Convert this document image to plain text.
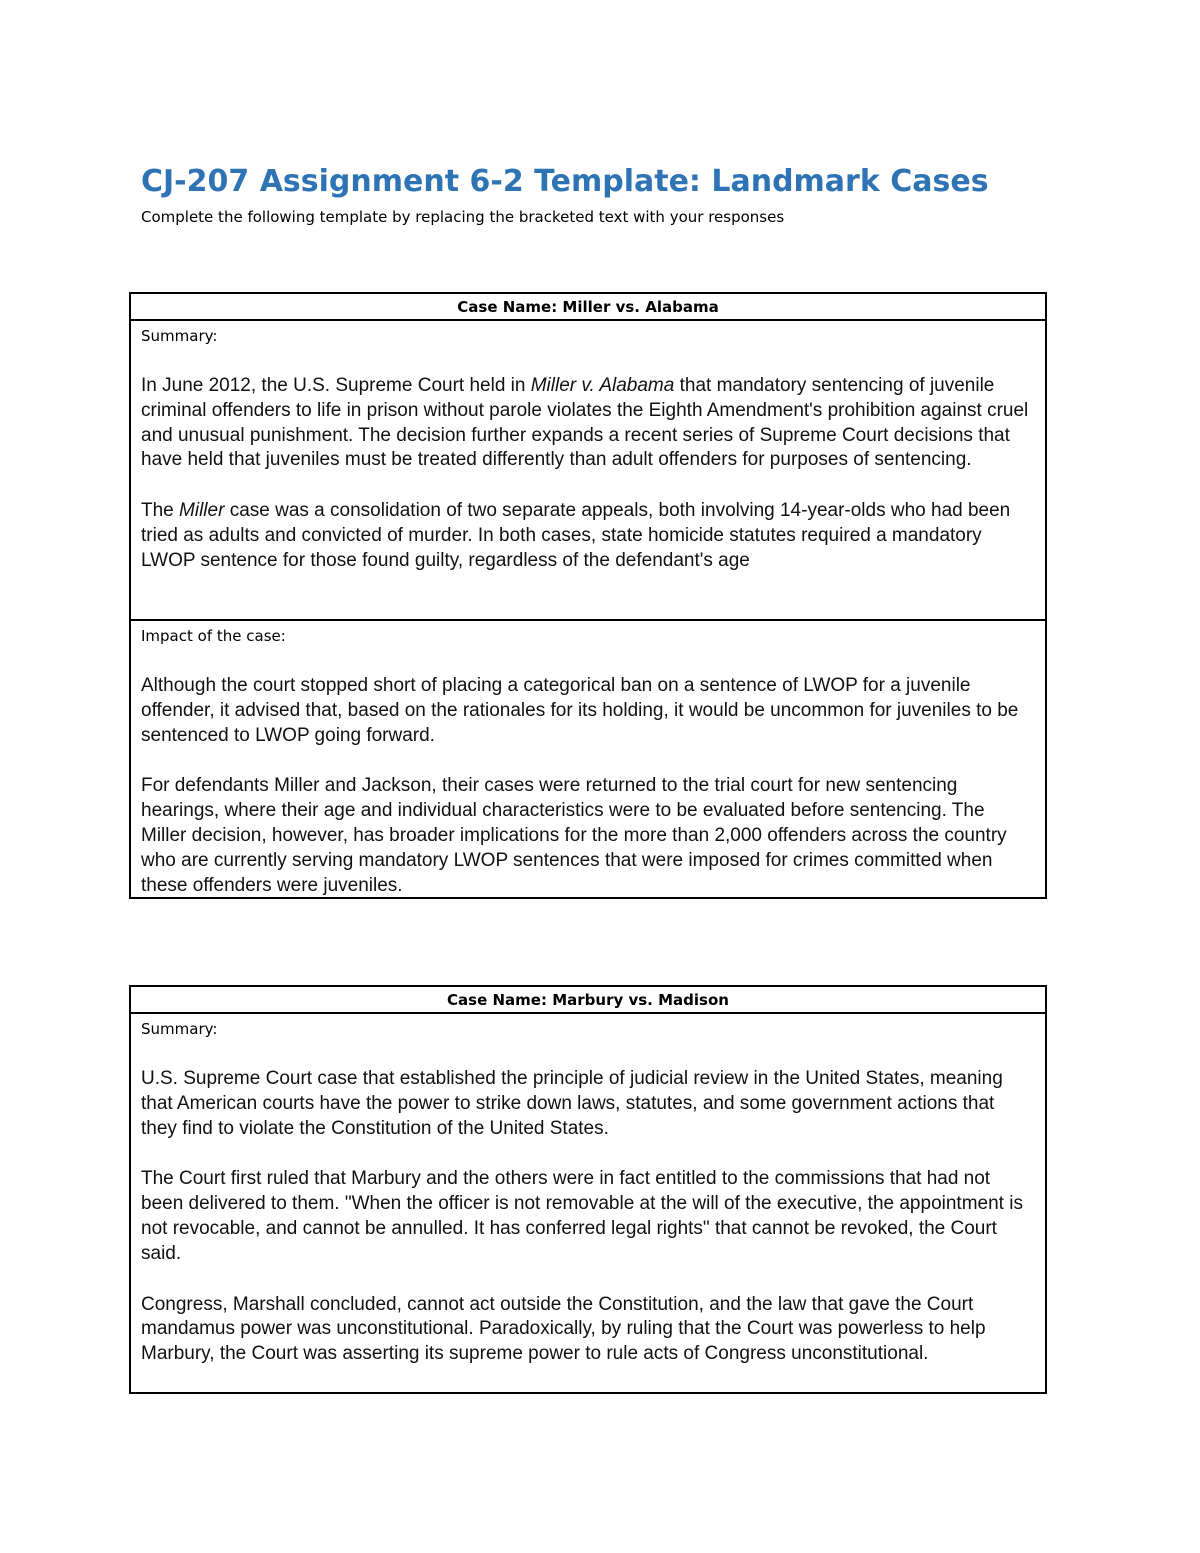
CJ-207 Assignment 6-2 Template: Landmark Cases

Complete the following template by replacing the bracketed text with your responses

Case Name: Miller vs. Alabama

Summary:

In June 2012, the U.S. Supreme Court held in Miller v. Alabama that mandatory sentencing of juvenile criminal offenders to life in prison without parole violates the Eighth Amendment's prohibition against cruel and unusual punishment. The decision further expands a recent series of Supreme Court decisions that have held that juveniles must be treated differently than adult offenders for purposes of sentencing.

The Miller case was a consolidation of two separate appeals, both involving 14-year-olds who had been tried as adults and convicted of murder. In both cases, state homicide statutes required a mandatory LWOP sentence for those found guilty, regardless of the defendant's age

Impact of the case:

Although the court stopped short of placing a categorical ban on a sentence of LWOP for a juvenile offender, it advised that, based on the rationales for its holding, it would be uncommon for juveniles to be sentenced to LWOP going forward.

For defendants Miller and Jackson, their cases were returned to the trial court for new sentencing hearings, where their age and individual characteristics were to be evaluated before sentencing. The Miller decision, however, has broader implications for the more than 2,000 offenders across the country who are currently serving mandatory LWOP sentences that were imposed for crimes committed when these offenders were juveniles.

Case Name: Marbury vs. Madison

Summary:

U.S. Supreme Court case that established the principle of judicial review in the United States, meaning that American courts have the power to strike down laws, statutes, and some government actions that they find to violate the Constitution of the United States.

The Court first ruled that Marbury and the others were in fact entitled to the commissions that had not been delivered to them. "When the officer is not removable at the will of the executive, the appointment is not revocable, and cannot be annulled. It has conferred legal rights" that cannot be revoked, the Court said.

Congress, Marshall concluded, cannot act outside the Constitution, and the law that gave the Court mandamus power was unconstitutional. Paradoxically, by ruling that the Court was powerless to help Marbury, the Court was asserting its supreme power to rule acts of Congress unconstitutional.
